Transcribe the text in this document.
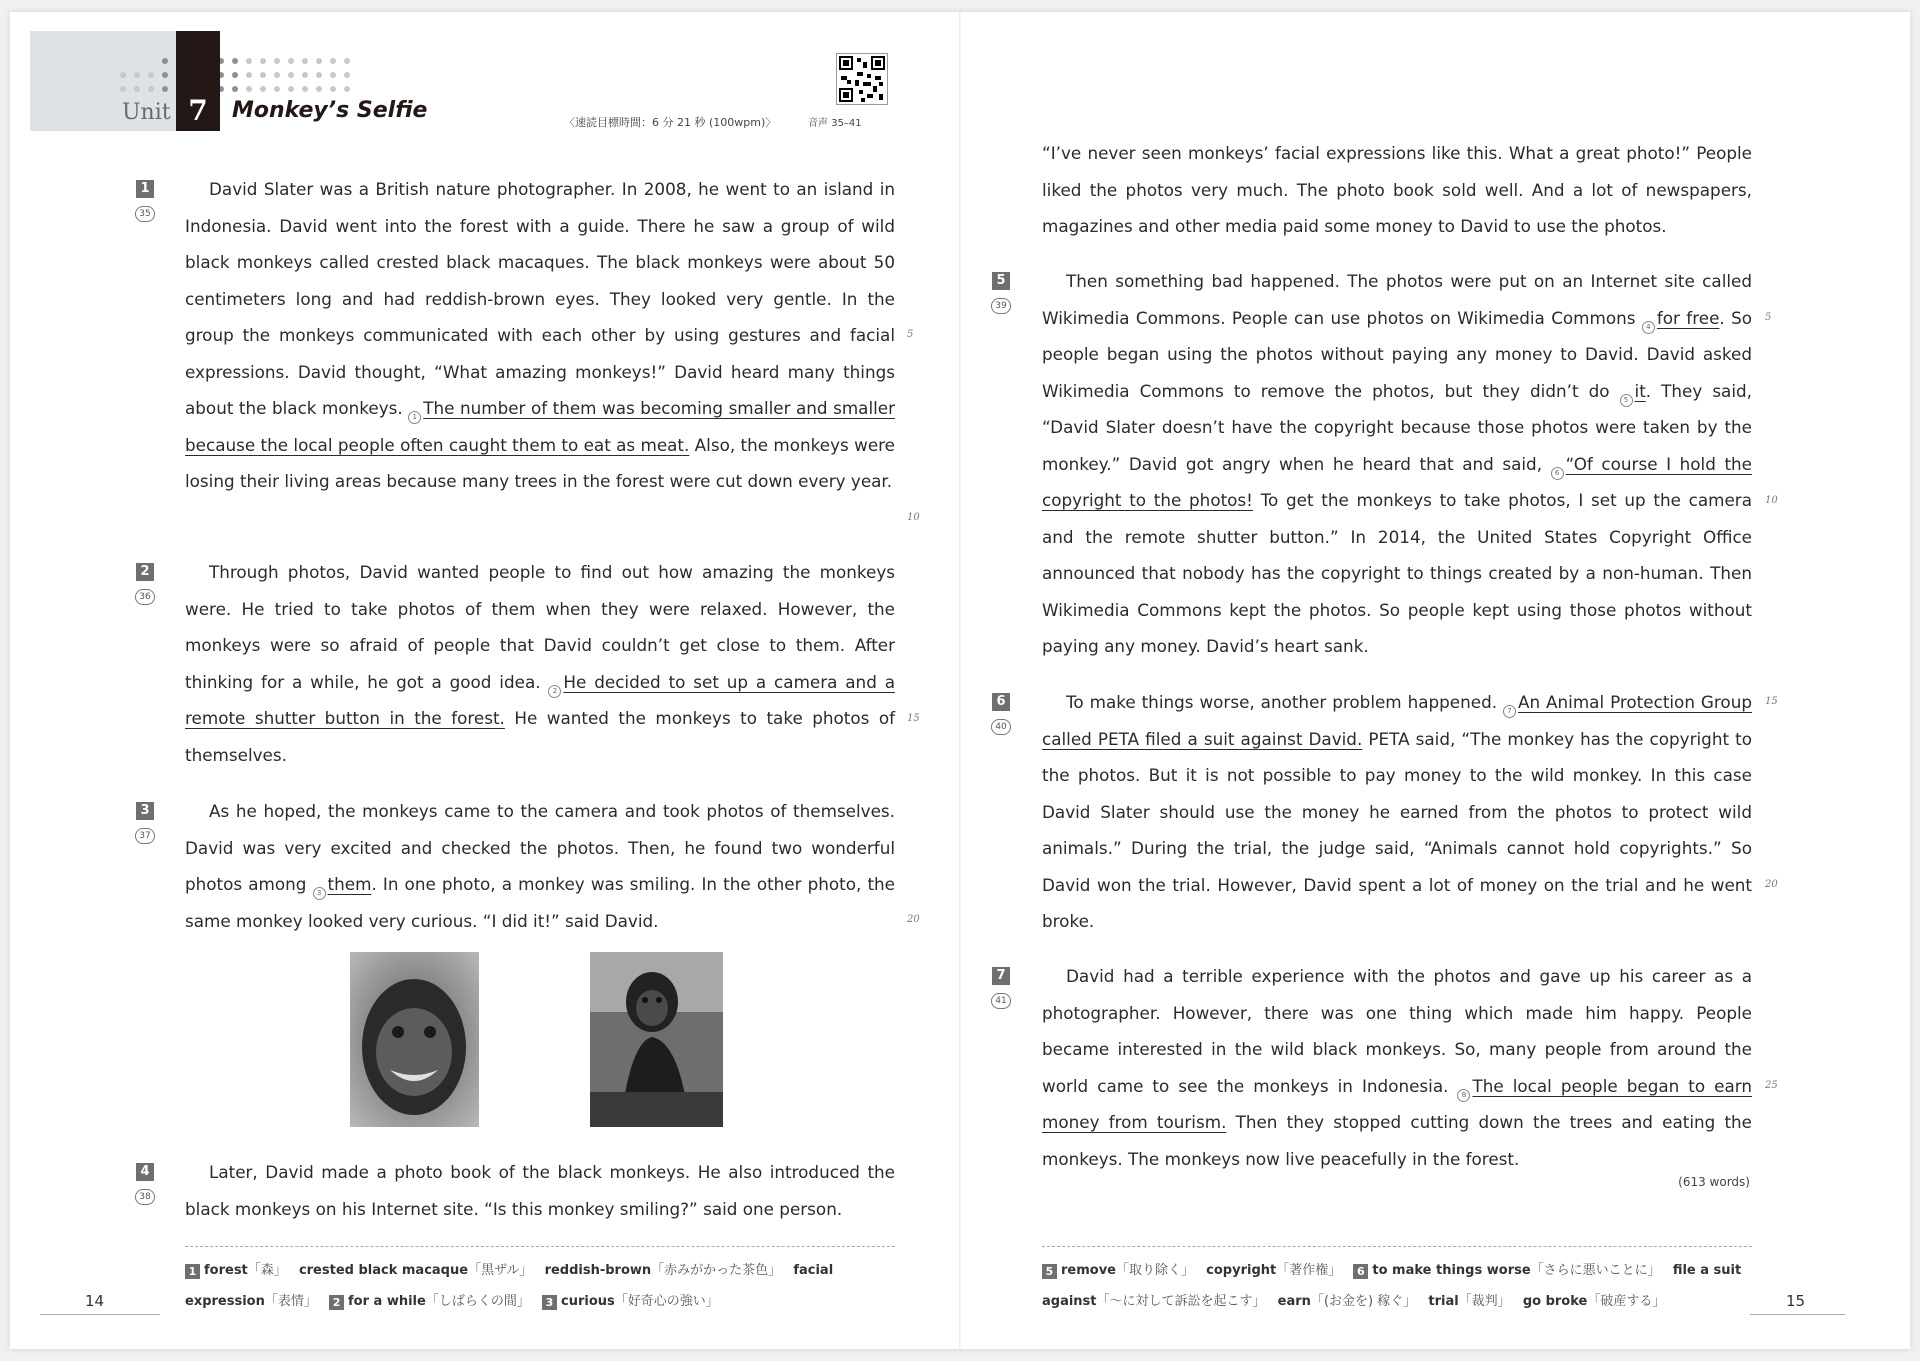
Unit 7	Monkey’s Selfie	〈速読目標時間：6 分 21 秒 (100wpm)〉	音声 35–41
1
35
2
36
3
37
4
38
5
39
6
40
7
41
David Slater was a British nature photographer. In 2008, he went to an island in Indonesia. David went into the forest with a guide. There he saw a group of wild black monkeys called crested black macaques. The black monkeys were about 50 centimeters long and had reddish-brown eyes. They looked very gentle. In the group the monkeys communicated with each other by using gestures and facial expressions. David thought, “What amazing monkeys!” David heard many things about the black monkeys. 1 The number of them was becoming smaller and smaller because the local people often caught them to eat as meat. Also, the monkeys were losing their living areas because many trees in the forest were cut down every year.
Through photos, David wanted people to find out how amazing the monkeys were. He tried to take photos of them when they were relaxed. However, the monkeys were so afraid of people that David couldn’t get close to them. After thinking for a while, he got a good idea. 2 He decided to set up a camera and a remote shutter button in the forest. He wanted the monkeys to take photos of themselves.
As he hoped, the monkeys came to the camera and took photos of themselves. David was very excited and checked the photos. Then, he found two wonderful photos among 3 them. In one photo, a monkey was smiling. In the other photo, the same monkey looked very curious. “I did it!” said David.
Later, David made a photo book of the black monkeys. He also introduced the black monkeys on his Internet site. “Is this monkey smiling?” said one person.
“I’ve never seen monkeys’ facial expressions like this. What a great photo!” People liked the photos very much. The photo book sold well. And a lot of newspapers, magazines and other media paid some money to David to use the photos.
Then something bad happened. The photos were put on an Internet site called Wikimedia Commons. People can use photos on Wikimedia Commons 4 for free. So people began using the photos without paying any money to David. David asked Wikimedia Commons to remove the photos, but they didn’t do 5 it. They said, “David Slater doesn’t have the copyright because those photos were taken by the monkey.” David got angry when he heard that and said, 6 “Of course I hold the copyright to the photos! To get the monkeys to take photos, I set up the camera and the remote shutter button.” In 2014, the United States Copyright Office announced that nobody has the copyright to things created by a non-human. Then Wikimedia Commons kept the photos. So people kept using those photos without paying any money. David’s heart sank.
To make things worse, another problem happened. 7 An Animal Protection Group called PETA filed a suit against David. PETA said, “The monkey has the copyright to the photos. But it is not possible to pay money to the wild monkey. In this case David Slater should use the money he earned from the photos to protect wild animals.” During the trial, the judge said, “Animals cannot hold copyrights.” So David won the trial. However, David spent a lot of money on the trial and he went broke.
David had a terrible experience with the photos and gave up his career as a photographer. However, there was one thing which made him happy. People became interested in the wild black monkeys. So, many people from around the world came to see the monkeys in Indonesia. 8 The local people began to earn money from tourism. Then they stopped cutting down the trees and eating the monkeys. The monkeys now live peacefully in the forest.
(613 words)
5
10
15
20
5
10
15
20
25
1 forest「森」 crested black macaque「黒ザル」 reddish-brown「赤みがかった茶色」 facial expression「表情」 2 for a while「しばらくの間」 3 curious「好奇心の強い」
5 remove「取り除く」 copyright「著作権」 6 to make things worse「さらに悪いことに」 file a suit against「～に対して訴訟を起こす」 earn「(お金を) 稼ぐ」 trial「裁判」 go broke「破産する」
14	15
